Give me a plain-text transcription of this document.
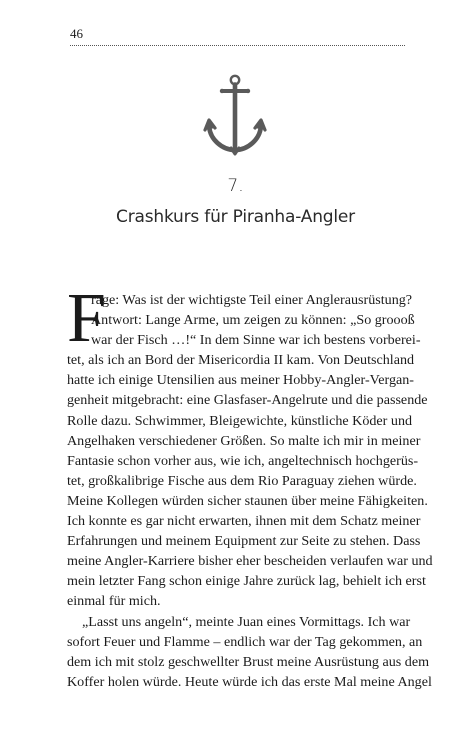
46
7.
Crashkurs für Piranha-Angler
F
rage: Was ist der wichtigste Teil einer Anglerausrüstung?
Antwort: Lange Arme, um zeigen zu können: „So groooß
war der Fisch …!“ In dem Sinne war ich bestens vorberei-
tet, als ich an Bord der Misericordia II kam. Von Deutschland
hatte ich einige Utensilien aus meiner Hobby-Angler-Vergan-
genheit mitgebracht: eine Glasfaser-Angelrute und die passende
Rolle dazu. Schwimmer, Bleigewichte, künstliche Köder und
Angelhaken verschiedener Größen. So malte ich mir in meiner
Fantasie schon vorher aus, wie ich, angeltechnisch hochgerüs-
tet, großkalibrige Fische aus dem Rio Paraguay ziehen würde.
Meine Kollegen würden sicher staunen über meine Fähigkeiten.
Ich konnte es gar nicht erwarten, ihnen mit dem Schatz meiner
Erfahrungen und meinem Equipment zur Seite zu stehen. Dass
meine Angler-Karriere bisher eher bescheiden verlaufen war und
mein letzter Fang schon einige Jahre zurück lag, behielt ich erst
einmal für mich.
„Lasst uns angeln“, meinte Juan eines Vormittags. Ich war
sofort Feuer und Flamme – endlich war der Tag gekommen, an
dem ich mit stolz geschwellter Brust meine Ausrüstung aus dem
Koffer holen würde. Heute würde ich das erste Mal meine Angel
